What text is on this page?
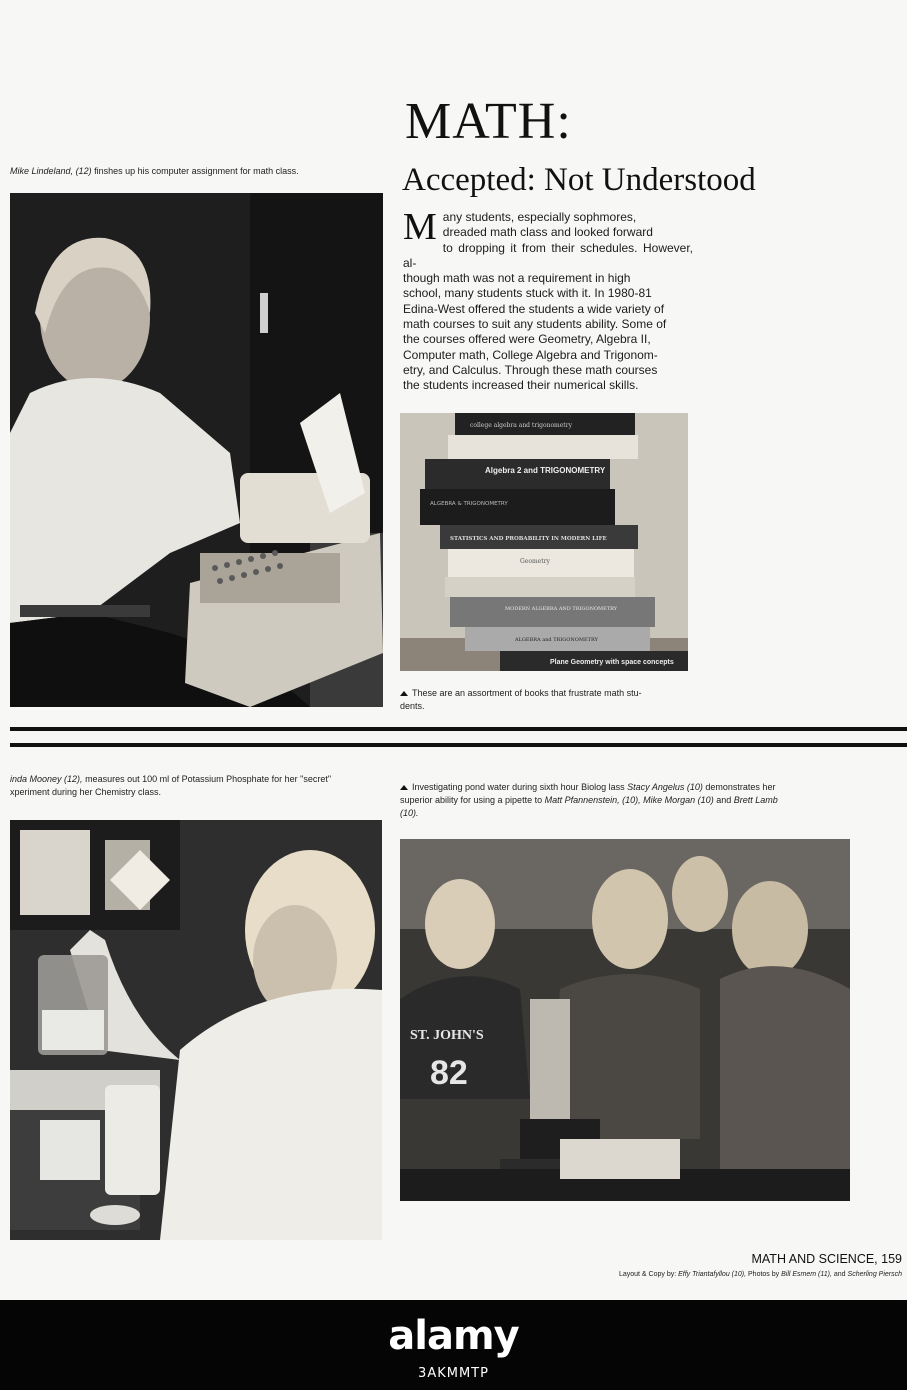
Mike Lindeland, (12) finshes up his computer assignment for math class.
MATH:
Accepted: Not Understood
M any students, especially sophmores,
dreaded math class and looked forward
to dropping it from their schedules. However, al-
though math was not a requirement in high
school, many students stuck with it. In 1980-81
Edina-West offered the students a wide variety of
math courses to suit any students ability. Some of
the courses offered were Geometry, Algebra II,
Computer math, College Algebra and Trigonom-
etry, and Calculus. Through these math courses
the students increased their numerical skills.
college algebra and trigonometry
Algebra 2 and TRIGONOMETRY
ALGEBRA & TRIGONOMETRY
STATISTICS AND PROBABILITY IN MODERN LIFE
Geometry
MODERN ALGEBRA AND TRIGONOMETRY
ALGEBRA and TRIGONOMETRY
Plane Geometry with space concepts
These are an assortment of books that frustrate math stu-
dents.
inda Mooney (12), measures out 100 ml of Potassium Phosphate for her "secret"
xperiment during her Chemistry class.	Investigating pond water during sixth hour Biolog lass Stacy Angelus (10) demonstrates her
superior ability for using a pipette to Matt Pfannenstein, (10), Mike Morgan (10) and Brett Lamb
(10).
ST. JOHN'S
82
MATH AND SCIENCE, 159
Layout & Copy by: Effy Triantafyllou (10), Photos by Bill Esmem (11), and Scherling Piersch
alamy
3AKMMTP
